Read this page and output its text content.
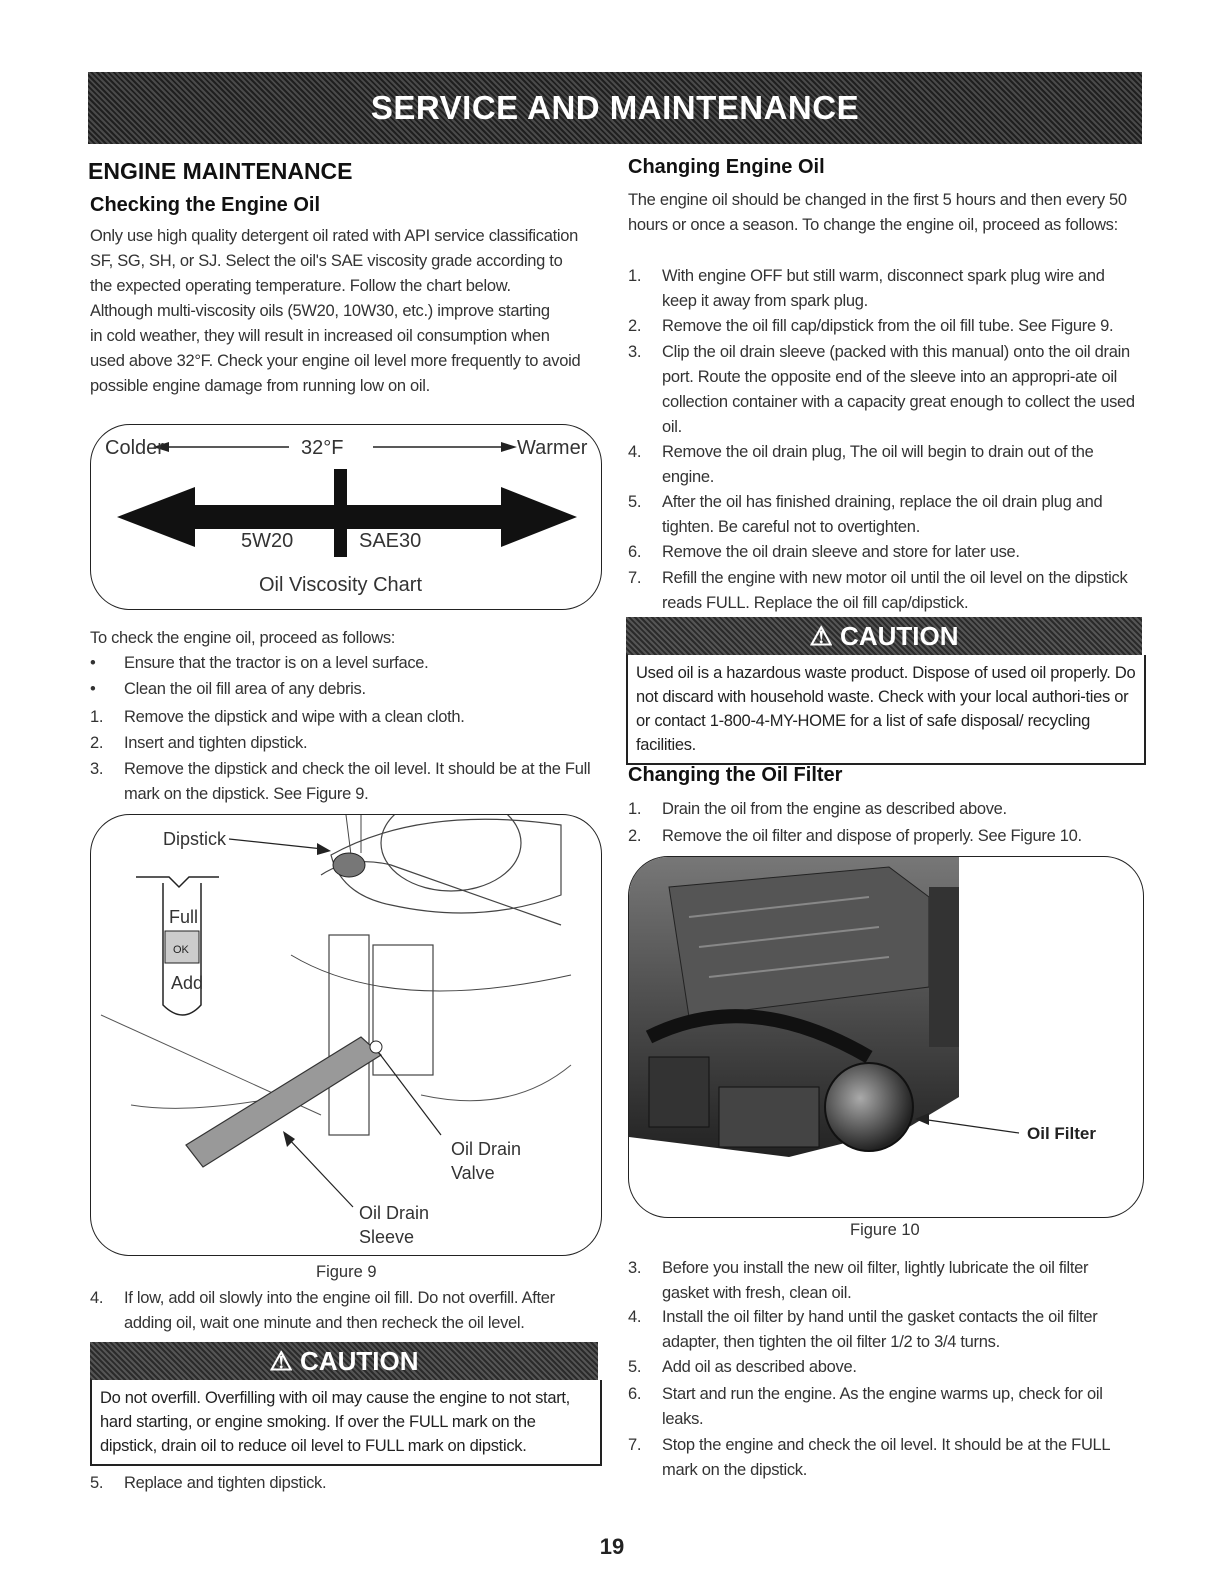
SERVICE AND MAINTENANCE
ENGINE MAINTENANCE
Checking the Engine Oil
Only use high quality detergent oil rated with API service classification
SF, SG, SH, or SJ. Select the oil's SAE viscosity grade according to
the expected operating temperature. Follow the chart below.
Although multi-viscosity oils (5W20, 10W30, etc.) improve starting
in cold weather, they will result in increased oil consumption when
used above 32°F. Check your engine oil level more frequently to avoid
possible engine damage from running low on oil.
Colder	32°F	Warmer
5W20	SAE30
Oil Viscosity Chart
To check the engine oil, proceed as follows:
• Ensure that the tractor is on a level surface.
• Clean the oil fill area of any debris.
1. Remove the dipstick and wipe with a clean cloth.
2. Insert and tighten dipstick.
3. Remove the dipstick and check the oil level. It should be at the Full mark on the dipstick. See Figure 9.
Full
OK
Add
Dipstick
Oil Drain
Valve
Oil Drain
Sleeve
Figure 9
4. If low, add oil slowly into the engine oil fill. Do not overfill. After adding oil, wait one minute and then recheck the oil level.
⚠ CAUTION
Do not overfill. Overfilling with oil may cause the engine to not start, hard starting, or engine smoking. If over the FULL mark on the dipstick, drain oil to reduce oil level to FULL mark on dipstick.
5. Replace and tighten dipstick.
Changing Engine Oil
The engine oil should be changed in the first 5 hours and then every 50 hours or once a season. To change the engine oil, proceed as follows:
1. With engine OFF but still warm, disconnect spark plug wire and keep it away from spark plug.
2. Remove the oil fill cap/dipstick from the oil fill tube. See Figure 9.
3. Clip the oil drain sleeve (packed with this manual) onto the oil drain port. Route the opposite end of the sleeve into an appropri-ate oil collection container with a capacity great enough to collect the used oil.
4. Remove the oil drain plug, The oil will begin to drain out of the engine.
5. After the oil has finished draining, replace the oil drain plug and tighten. Be careful not to overtighten.
6. Remove the oil drain sleeve and store for later use.
7. Refill the engine with new motor oil until the oil level on the dipstick reads FULL. Replace the oil fill cap/dipstick.
⚠ CAUTION
Used oil is a hazardous waste product. Dispose of used oil properly. Do not discard with household waste. Check with your local authori-ties or or contact 1-800-4-MY-HOME for a list of safe disposal/ recycling facilities.
Changing the Oil Filter
1. Drain the oil from the engine as described above.
2. Remove the oil filter and dispose of properly. See Figure 10.
Oil Filter
Figure 10
3. Before you install the new oil filter, lightly lubricate the oil filter gasket with fresh, clean oil.
4. Install the oil filter by hand until the gasket contacts the oil filter adapter, then tighten the oil filter 1/2 to 3/4 turns.
5. Add oil as described above.
6. Start and run the engine. As the engine warms up, check for oil leaks.
7. Stop the engine and check the oil level. It should be at the FULL mark on the dipstick.
19
